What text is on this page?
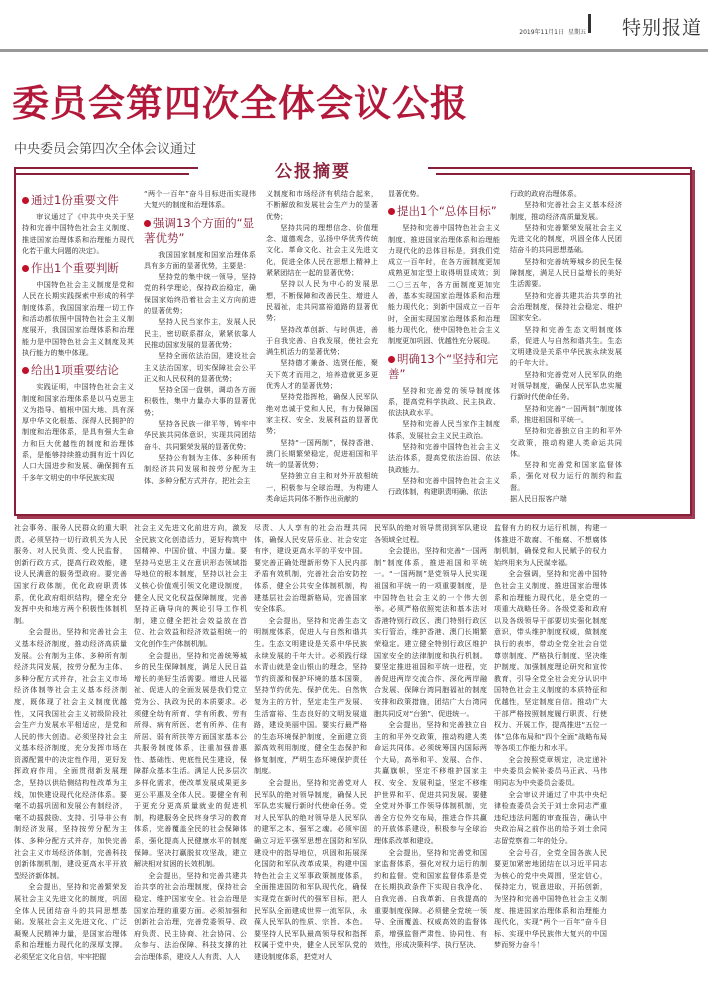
2019年11月1日 星期五 特别报道
委员会第四次全体会议公报
中央委员会第四次全体会议通过
公报摘要
通过1份重要文件

审议通过了《中共中央关于坚持和完善中国特色社会主义制度、推进国家治理体系和治理能力现代化若干重大问题的决定》。

作出1个重要判断

中国特色社会主义制度是党和人民在长期实践探索中形成的科学制度体系，我国国家治理一切工作和活动都依照中国特色社会主义制度展开，我国国家治理体系和治理能力是中国特色社会主义制度及其执行能力的集中体现。

给出1项重要结论

实践证明，中国特色社会主义制度和国家治理体系是以马克思主义为指导、植根中国大地、具有深厚中华文化根基、深得人民拥护的制度和治理体系，是具有强大生命力和巨大优越性的制度和治理体系，是能够持续推动拥有近十四亿人口大国进步和发展、确保拥有五千多年文明史的中华民族实现

“两个一百年”奋斗目标进而实现伟大复兴的制度和治理体系。

强调13个方面的“显著优势”

我国国家制度和国家治理体系具有多方面的显著优势，主要是：

坚持党的集中统一领导，坚持党的科学理论，保持政治稳定，确保国家始终沿着社会主义方向前进的显著优势；

坚持人民当家作主，发展人民民主，密切联系群众，紧紧依靠人民推动国家发展的显著优势；

坚持全面依法治国，建设社会主义法治国家，切实保障社会公平正义和人民权利的显著优势；

坚持全国一盘棋，调动各方面积极性，集中力量办大事的显著优势；

坚持各民族一律平等，铸牢中华民族共同体意识，实现共同团结奋斗、共同繁荣发展的显著优势；

坚持公有制为主体、多种所有制经济共同发展和按劳分配为主体、多种分配方式并存，把社会主

义制度和市场经济有机结合起来，不断解放和发展社会生产力的显著优势；

坚持共同的理想信念、价值理念、道德观念，弘扬中华优秀传统文化、革命文化、社会主义先进文化，促进全体人民在思想上精神上紧紧团结在一起的显著优势；

坚持以人民为中心的发展思想，不断保障和改善民生、增进人民福祉，走共同富裕道路的显著优势；

坚持改革创新、与时俱进，善于自我完善、自我发展，使社会充满生机活力的显著优势；

坚持德才兼备、选贤任能，聚天下英才而用之，培养造就更多更优秀人才的显著优势；

坚持党指挥枪，确保人民军队绝对忠诚于党和人民，有力保障国家主权、安全、发展利益的显著优势；

坚持“一国两制”，保持香港、澳门长期繁荣稳定，促进祖国和平统一的显著优势；

坚持独立自主和对外开放相统一，积极参与全球治理，为构建人类命运共同体不断作出贡献的

显著优势。

提出1个“总体目标”

坚持和完善中国特色社会主义制度、推进国家治理体系和治理能力现代化的总体目标是，到我们党成立一百年时，在各方面制度更加成熟更加定型上取得明显成效；到二〇三五年，各方面制度更加完善，基本实现国家治理体系和治理能力现代化；到新中国成立一百年时，全面实现国家治理体系和治理能力现代化，使中国特色社会主义制度更加巩固、优越性充分展现。

明确13个“坚持和完善”

坚持和完善党的领导制度体系，提高党科学执政、民主执政、依法执政水平。

坚持和完善人民当家作主制度体系，发展社会主义民主政治。

坚持和完善中国特色社会主义法治体系，提高党依法治国、依法执政能力。

坚持和完善中国特色社会主义行政体制，构建职责明确、依法

行政的政府治理体系。

坚持和完善社会主义基本经济制度，推动经济高质量发展。

坚持和完善繁荣发展社会主义先进文化的制度，巩固全体人民团结奋斗的共同思想基础。

坚持和完善统筹城乡的民生保障制度，满足人民日益增长的美好生活需要。

坚持和完善共建共治共享的社会治理制度，保持社会稳定、维护国家安全。

坚持和完善生态文明制度体系，促进人与自然和谐共生。生态文明建设是关系中华民族永续发展的千年大计。

坚持和完善党对人民军队的绝对领导制度，确保人民军队忠实履行新时代使命任务。

坚持和完善“一国两制”制度体系，推进祖国和平统一。

坚持和完善独立自主的和平外交政策，推动构建人类命运共同体。

坚持和完善党和国家监督体系，强化对权力运行的制约和监督。

据人民日报客户端

社会事务、服务人民群众的重大职责。必须坚持一切行政机关为人民服务、对人民负责、受人民监督，创新行政方式，提高行政效能，建设人民满意的服务型政府。要完善国家行政体制，优化政府职责体系，优化政府组织结构，健全充分发挥中央和地方两个积极性体制机制。

全会提出，坚持和完善社会主义基本经济制度，推动经济高质量发展。公有制为主体、多种所有制经济共同发展，按劳分配为主体、多种分配方式并存，社会主义市场经济体制等社会主义基本经济制度，既体现了社会主义制度优越性，又同我国社会主义初级阶段社会生产力发展水平相适应，是党和人民的伟大创造。必须坚持社会主义基本经济制度，充分发挥市场在资源配置中的决定性作用，更好发挥政府作用，全面贯彻新发展理念，坚持以供给侧结构性改革为主线，加快建设现代化经济体系。要毫不动摇巩固和发展公有制经济，毫不动摇鼓励、支持、引导非公有制经济发展，坚持按劳分配为主体、多种分配方式并存，加快完善社会主义市场经济体制，完善科技创新体制机制，建设更高水平开放型经济新体制。

全会提出，坚持和完善繁荣发展社会主义先进文化的制度，巩固全体人民团结奋斗的共同思想基础。发展社会主义先进文化、广泛凝聚人民精神力量，是国家治理体系和治理能力现代化的深厚支撑。必须坚定文化自信，牢牢把握

社会主义先进文化前进方向，激发全民族文化创造活力，更好构筑中国精神、中国价值、中国力量。要坚持马克思主义在意识形态领域指导地位的根本制度，坚持以社会主义核心价值观引领文化建设制度，健全人民文化权益保障制度，完善坚持正确导向的舆论引导工作机制，建立健全把社会效益放在首位、社会效益和经济效益相统一的文化创作生产体制机制。

全会提出，坚持和完善统筹城乡的民生保障制度，满足人民日益增长的美好生活需要。增进人民福祉、促进人的全面发展是我们党立党为公、执政为民的本质要求。必须健全幼有所育、学有所教、劳有所得、病有所医、老有所养、住有所居、弱有所扶等方面国家基本公共服务制度体系，注重加强普惠性、基础性、兜底性民生建设，保障群众基本生活。满足人民多层次多样化需求，使改革发展成果更多更公平惠及全体人民。要健全有利于更充分更高质量就业的促进机制，构建服务全民终身学习的教育体系，完善覆盖全民的社会保障体系，强化提高人民健康水平的制度保障。坚决打赢脱贫攻坚战，建立解决相对贫困的长效机制。

全会提出，坚持和完善共建共治共享的社会治理制度，保持社会稳定、维护国家安全。社会治理是国家治理的重要方面。必须加强和创新社会治理，完善党委领导、政府负责、民主协商、社会协同、公众参与、法治保障、科技支撑的社会治理体系，建设人人有责、人人

尽责、人人享有的社会治理共同体，确保人民安居乐业、社会安定有序，建设更高水平的平安中国。要完善正确处理新形势下人民内部矛盾有效机制，完善社会治安防控体系，健全公共安全体制机制，构建基层社会治理新格局，完善国家安全体系。

全会提出，坚持和完善生态文明制度体系，促进人与自然和谐共生。生态文明建设是关系中华民族永续发展的千年大计。必须践行绿水青山就是金山银山的理念，坚持节约资源和保护环境的基本国策，坚持节约优先、保护优先、自然恢复为主的方针，坚定走生产发展、生活富裕、生态良好的文明发展道路，建设美丽中国。要实行最严格的生态环境保护制度，全面建立资源高效利用制度，健全生态保护和修复制度，严明生态环境保护责任制度。

全会提出，坚持和完善党对人民军队的绝对领导制度，确保人民军队忠实履行新时代使命任务。党对人民军队的绝对领导是人民军队的建军之本、强军之魂。必须牢固确立习近平强军思想在国防和军队建设中的指导地位，巩固和拓展深化国防和军队改革成果，构建中国特色社会主义军事政策制度体系，全面推进国防和军队现代化，确保实现党在新时代的强军目标，把人民军队全面建成世界一流军队，永葆人民军队的性质、宗旨、本色。要坚持人民军队最高领导权和指挥权属于党中央，健全人民军队党的建设制度体系，把党对人

民军队的绝对领导贯彻到军队建设各领域全过程。

全会提出，坚持和完善“一国两制”制度体系，推进祖国和平统一。“一国两制”是党领导人民实现祖国和平统一的一项重要制度，是中国特色社会主义的一个伟大创举。必须严格依照宪法和基本法对香港特别行政区、澳门特别行政区实行管治，维护香港、澳门长期繁荣稳定。建立健全特别行政区维护国家安全的法律制度和执行机制。要坚定推进祖国和平统一进程，完善促进两岸交流合作、深化两岸融合发展、保障台湾同胞福祉的制度安排和政策措施，团结广大台湾同胞共同反对“台独”、促进统一。

全会提出，坚持和完善独立自主的和平外交政策，推动构建人类命运共同体。必须统筹国内国际两个大局，高举和平、发展、合作、共赢旗帜，坚定不移维护国家主权、安全、发展利益，坚定不移维护世界和平、促进共同发展。要健全党对外事工作领导体制机制，完善全方位外交布局，推进合作共赢的开放体系建设，积极参与全球治理体系改革和建设。

全会提出，坚持和完善党和国家监督体系，强化对权力运行的制约和监督。党和国家监督体系是党在长期执政条件下实现自我净化、自我完善、自我革新、自我提高的重要制度保障。必须健全党统一领导、全面覆盖、权威高效的监督体系，增强监督严肃性、协同性、有效性，形成决策科学、执行坚决、

监督有力的权力运行机制，构建一体推进不敢腐、不能腐、不想腐体制机制，确保党和人民赋予的权力始终用来为人民谋幸福。

全会强调，坚持和完善中国特色社会主义制度、推进国家治理体系和治理能力现代化，是全党的一项重大战略任务。各级党委和政府以及各级领导干部要切实强化制度意识，带头维护制度权威，做制度执行的表率，带动全党全社会自觉尊崇制度、严格执行制度、坚决维护制度。加强制度理论研究和宣传教育，引导全党全社会充分认识中国特色社会主义制度的本质特征和优越性，坚定制度自信。推动广大干部严格按照制度履行职责、行使权力、开展工作，提高推进“五位一体”总体布局和“四个全面”战略布局等各项工作能力和水平。

全会按照党章规定，决定递补中央委员会候补委员马正武、马伟明同志为中央委员会委员。

全会审议并通过了中共中央纪律检查委员会关于刘士余同志严重违纪违法问题的审查报告，确认中央政治局之前作出的给予刘士余同志留党察看二年的处分。

全会号召，全党全国各族人民要更加紧密地团结在以习近平同志为核心的党中央周围，坚定信心，保持定力，锐意进取，开拓创新，为坚持和完善中国特色社会主义制度、推进国家治理体系和治理能力现代化，实现“两个一百年”奋斗目标、实现中华民族伟大复兴的中国梦而努力奋斗！
